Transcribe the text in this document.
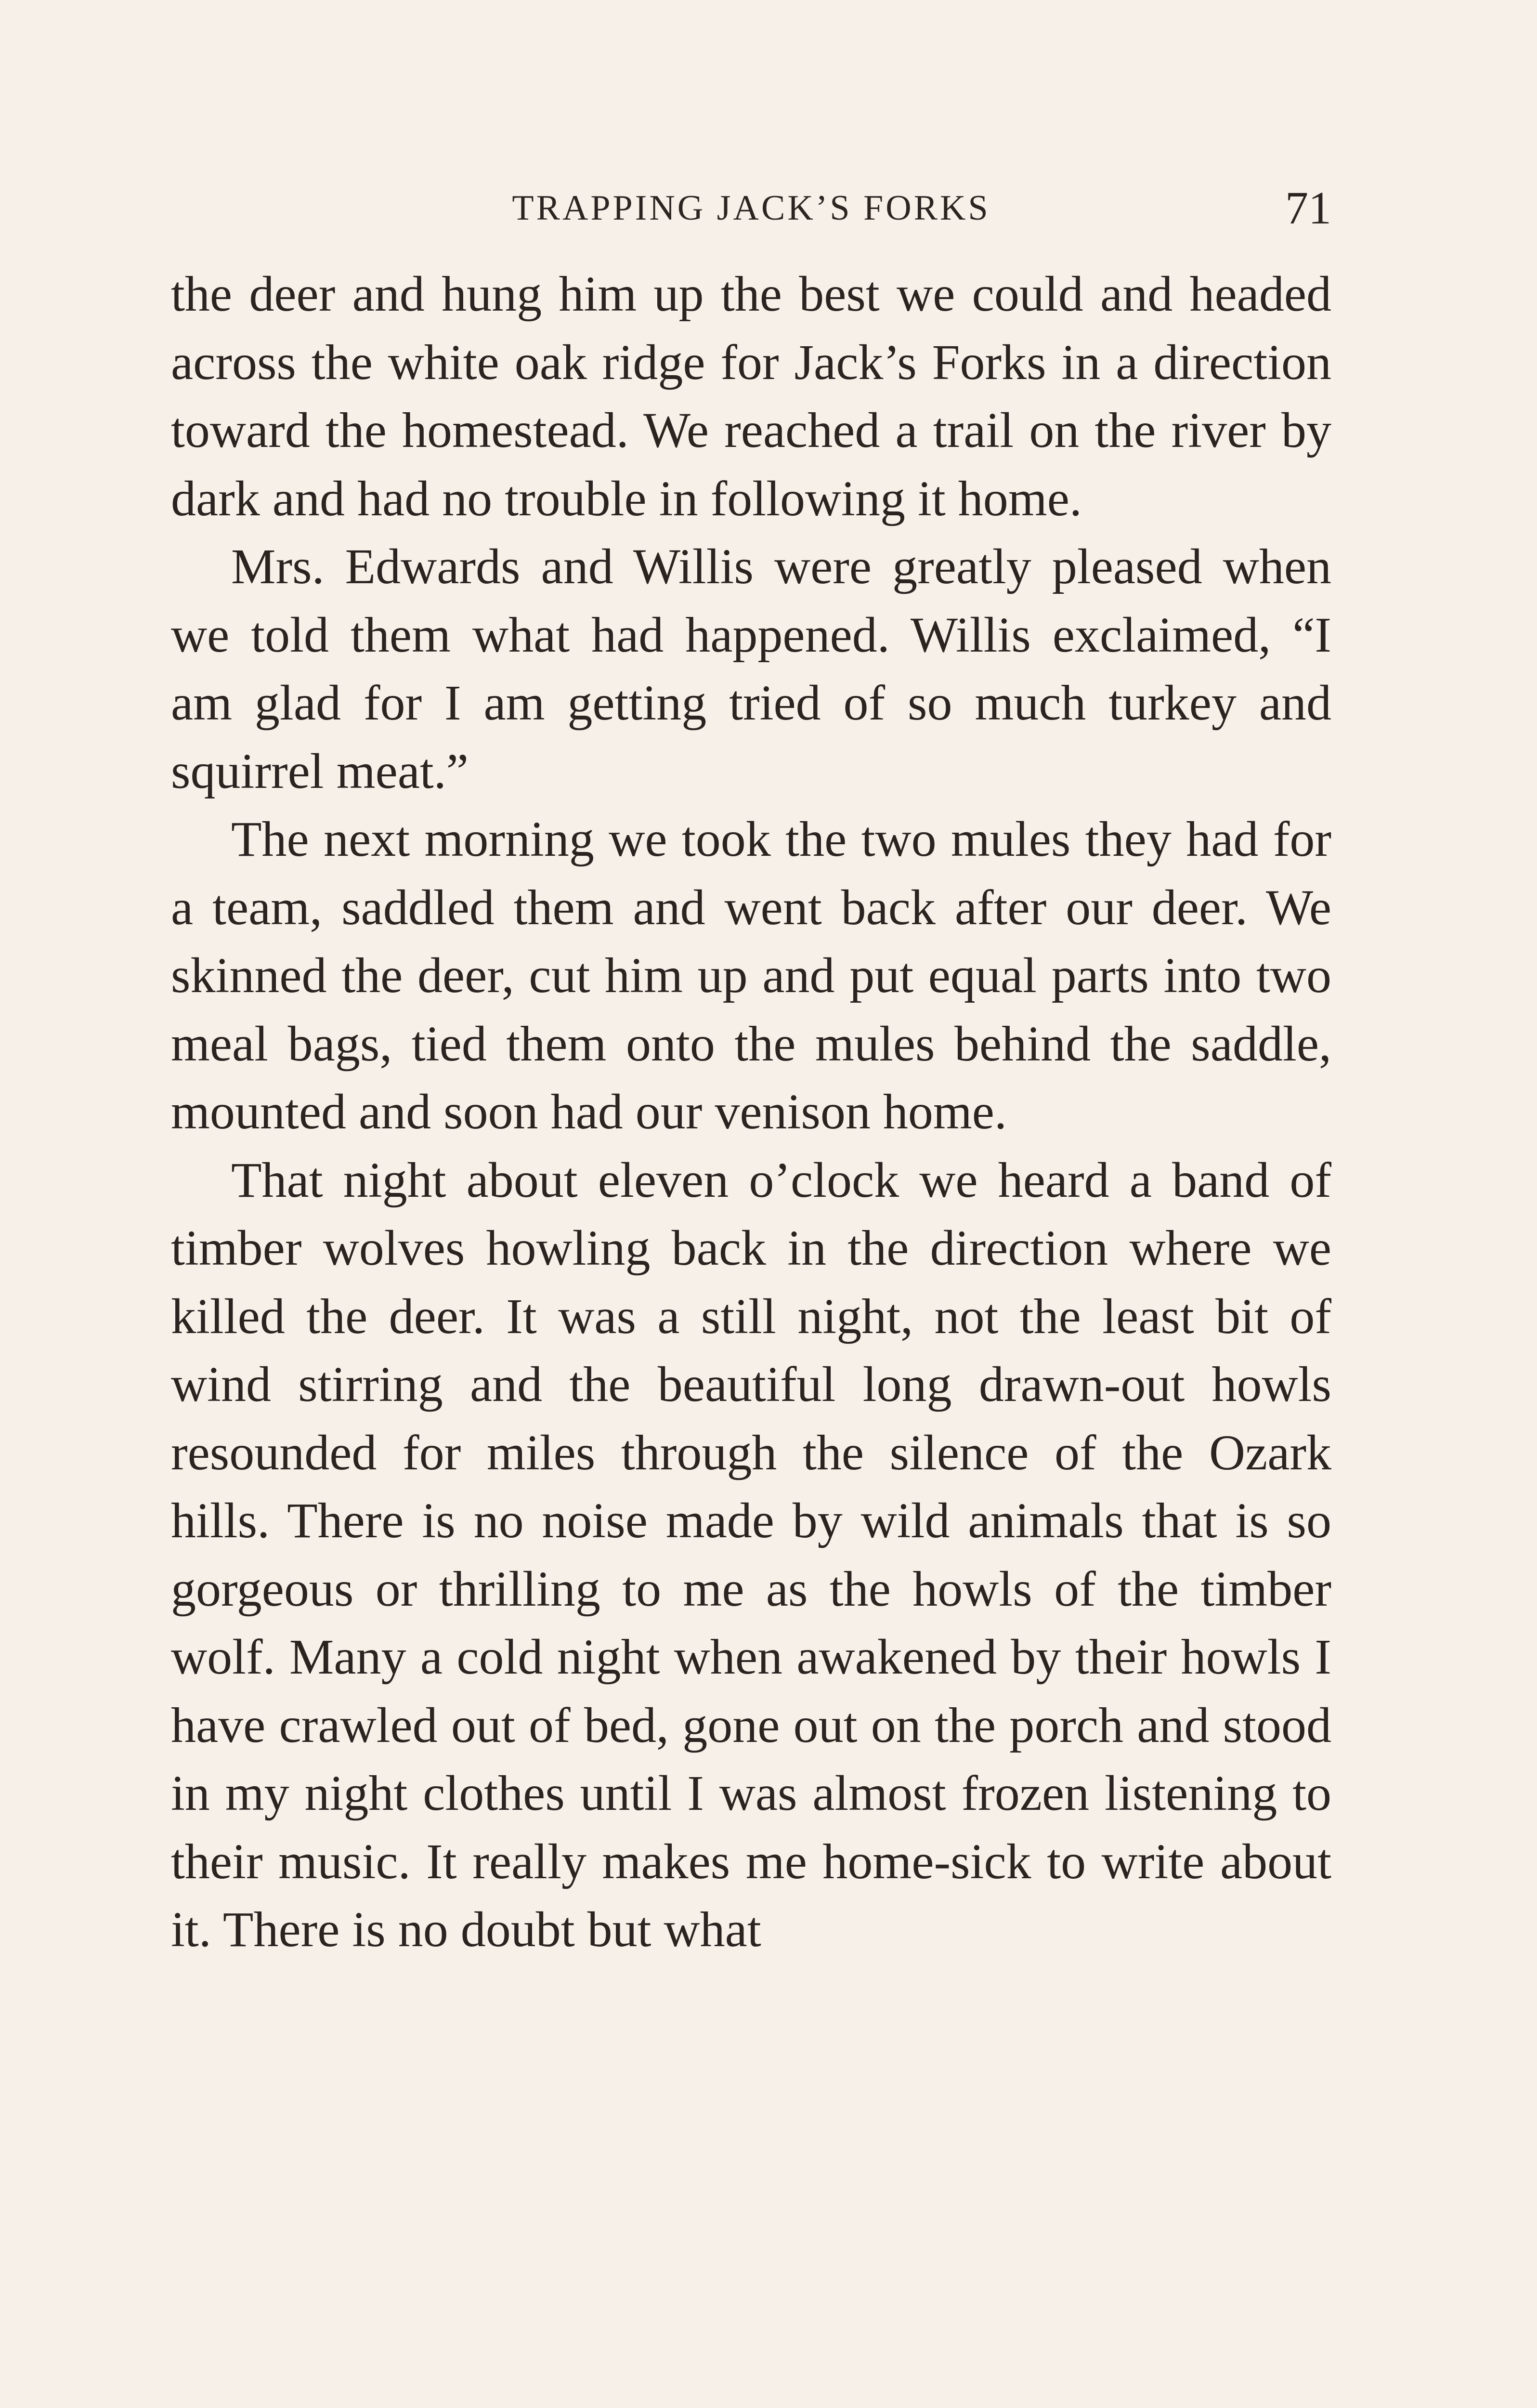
TRAPPING JACK’S FORKS	71

the deer and hung him up the best we could and headed across the white oak ridge for Jack’s Forks in a direction toward the homestead. We reached a trail on the river by dark and had no trouble in following it home.

Mrs. Edwards and Willis were greatly pleased when we told them what had happened. Willis exclaimed, “I am glad for I am getting tried of so much turkey and squirrel meat.”

The next morning we took the two mules they had for a team, saddled them and went back after our deer. We skinned the deer, cut him up and put equal parts into two meal bags, tied them onto the mules behind the saddle, mounted and soon had our venison home.

That night about eleven o’clock we heard a band of timber wolves howling back in the direction where we killed the deer. It was a still night, not the least bit of wind stirring and the beautiful long drawn-out howls resounded for miles through the silence of the Ozark hills. There is no noise made by wild animals that is so gorgeous or thrilling to me as the howls of the timber wolf. Many a cold night when awakened by their howls I have crawled out of bed, gone out on the porch and stood in my night clothes until I was almost frozen listening to their music. It really makes me home-sick to write about it. There is no doubt but what
